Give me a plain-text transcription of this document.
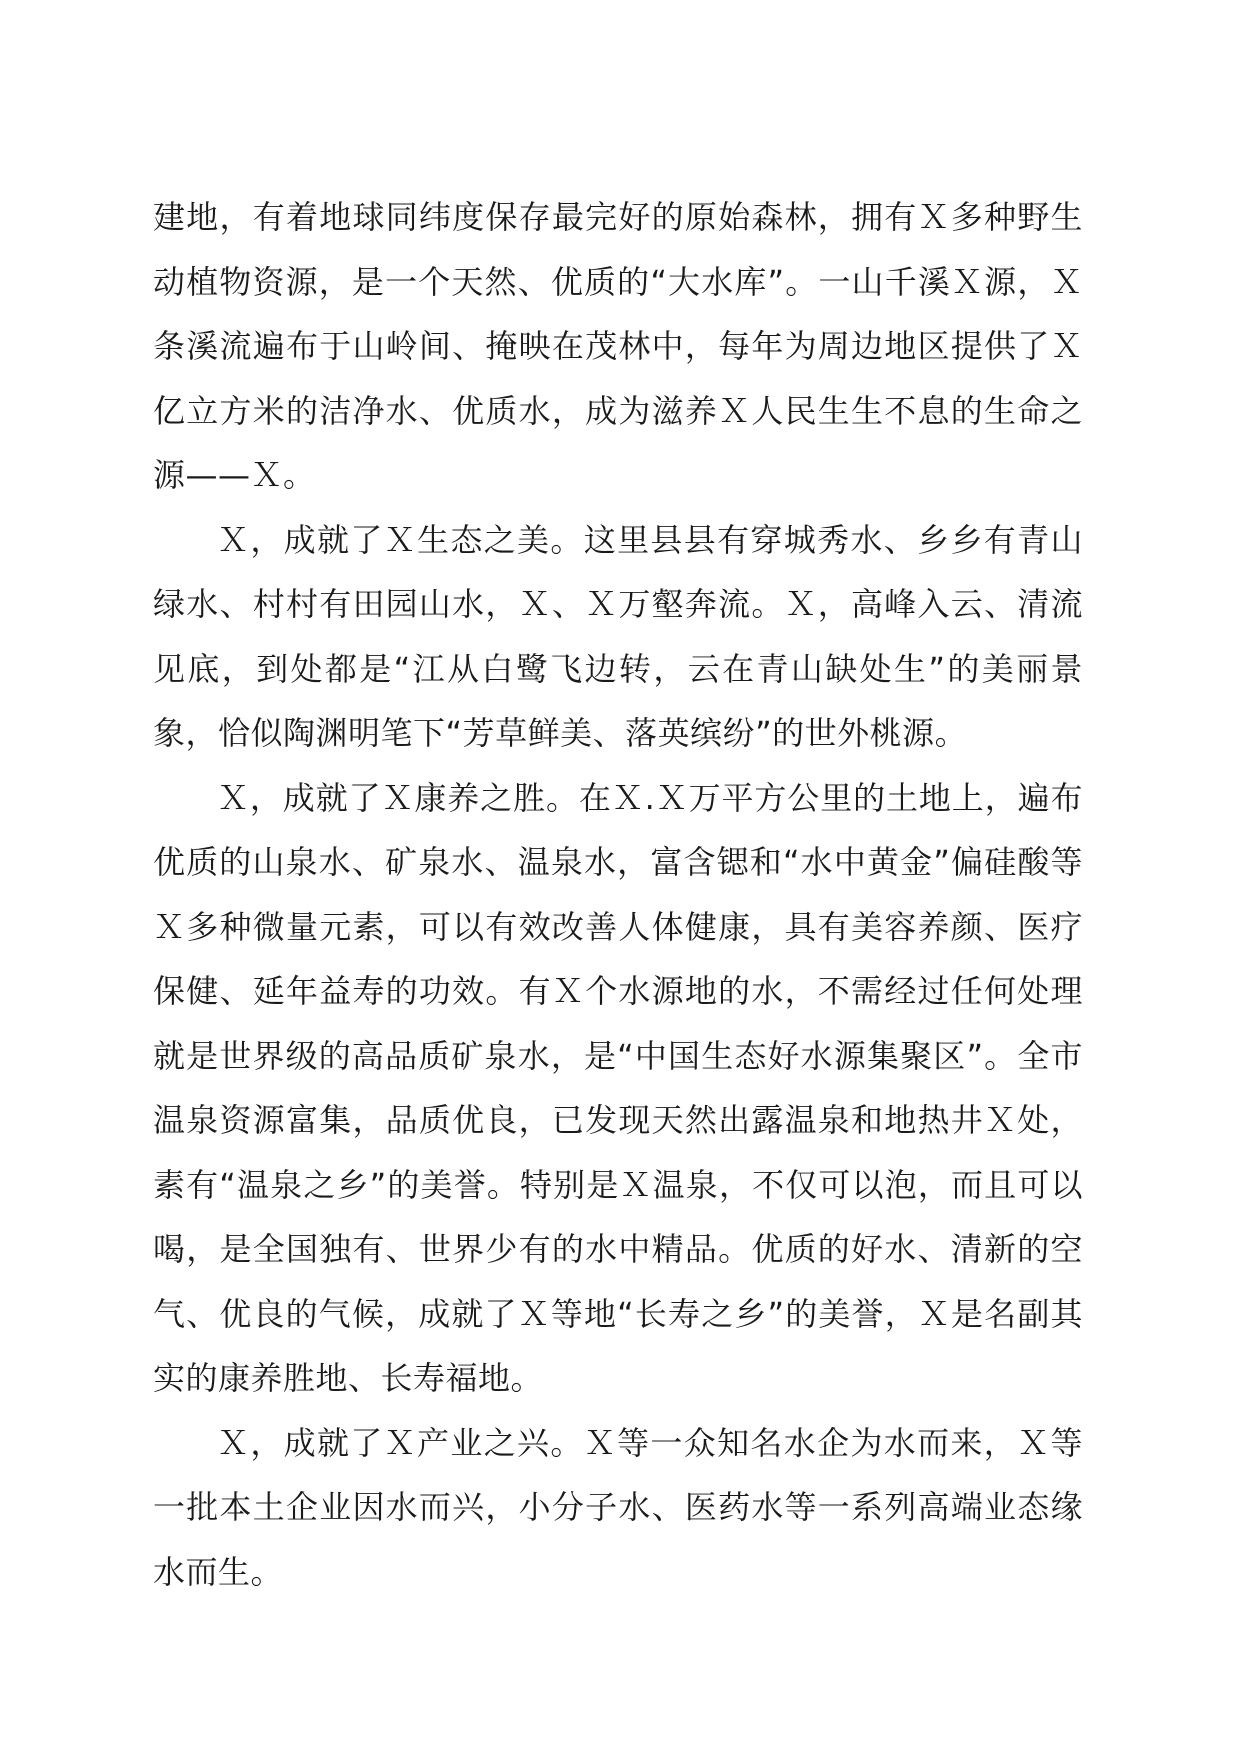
建地，有着地球同纬度保存最完好的原始森林，拥有Ｘ多种野生动植物资源，是一个天然、优质的“大水库”。一山千溪Ｘ源，Ｘ条溪流遍布于山岭间、掩映在茂林中，每年为周边地区提供了Ｘ亿立方米的洁净水、优质水，成为滋养Ｘ人民生生不息的生命之源——Ｘ。

Ｘ，成就了Ｘ生态之美。这里县县有穿城秀水、乡乡有青山绿水、村村有田园山水，Ｘ、Ｘ万壑奔流。Ｘ，高峰入云、清流见底，到处都是“江从白鹭飞边转，云在青山缺处生”的美丽景象，恰似陶渊明笔下“芳草鲜美、落英缤纷”的世外桃源。

Ｘ，成就了Ｘ康养之胜。在Ｘ.Ｘ万平方公里的土地上，遍布优质的山泉水、矿泉水、温泉水，富含锶和“水中黄金”偏硅酸等Ｘ多种微量元素，可以有效改善人体健康，具有美容养颜、医疗保健、延年益寿的功效。有Ｘ个水源地的水，不需经过任何处理就是世界级的高品质矿泉水，是“中国生态好水源集聚区”。全市温泉资源富集，品质优良，已发现天然出露温泉和地热井Ｘ处，素有“温泉之乡”的美誉。特别是Ｘ温泉，不仅可以泡，而且可以喝，是全国独有、世界少有的水中精品。优质的好水、清新的空气、优良的气候，成就了Ｘ等地“长寿之乡”的美誉，Ｘ是名副其实的康养胜地、长寿福地。

Ｘ，成就了Ｘ产业之兴。Ｘ等一众知名水企为水而来，Ｘ等一批本土企业因水而兴，小分子水、医药水等一系列高端业态缘水而生。
